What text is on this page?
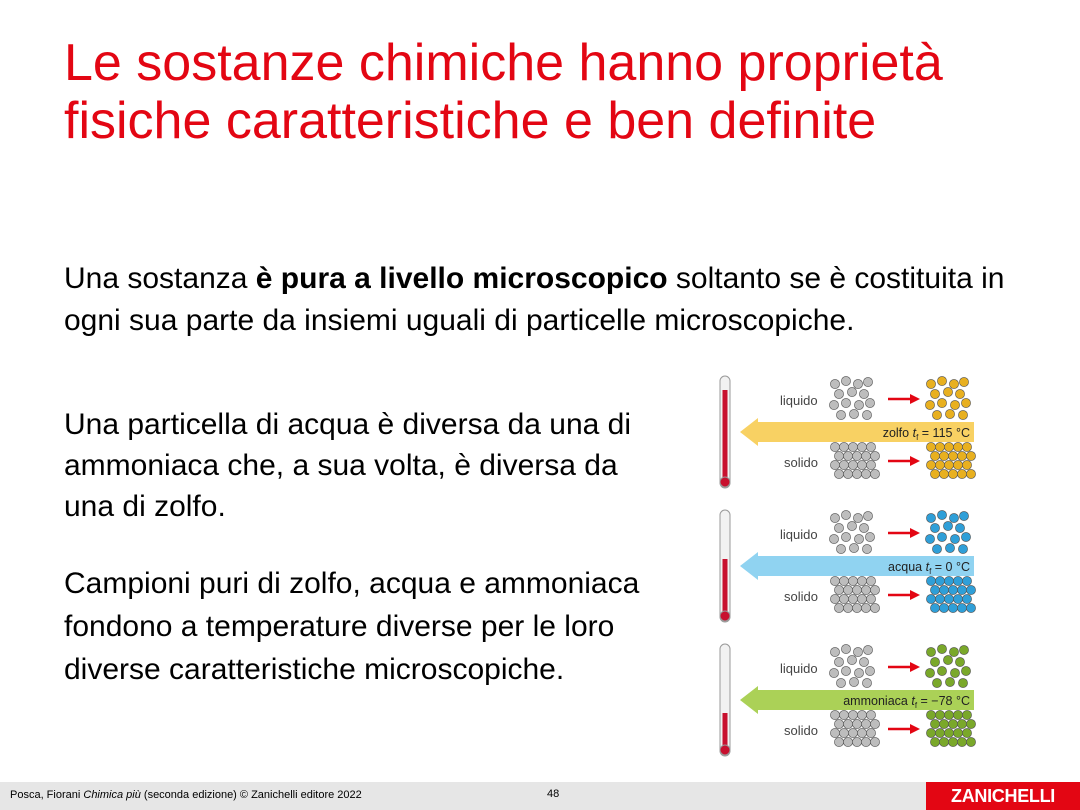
Le sostanze chimiche hanno proprietà fisiche caratteristiche e ben definite

Una sostanza è pura a livello microscopico soltanto se è costituita in ogni sua parte da insiemi uguali di particelle microscopiche.

Una particella di acqua è diversa da una di ammoniaca che, a sua volta, è diversa da una di zolfo.

Campioni puri di zolfo, acqua e ammoniaca fondono a temperature diverse per le loro diverse caratteristiche microscopiche.

liquido
solido
zolfo $t_f = 115$ °C
liquido
solido
acqua $t_f = 0$ °C
liquido
solido
ammoniaca $t_f = -78$ °C
Posca, Fiorani Chimica più (seconda edizione) © Zanichelli editore 2022	48	ZANICHELLI
